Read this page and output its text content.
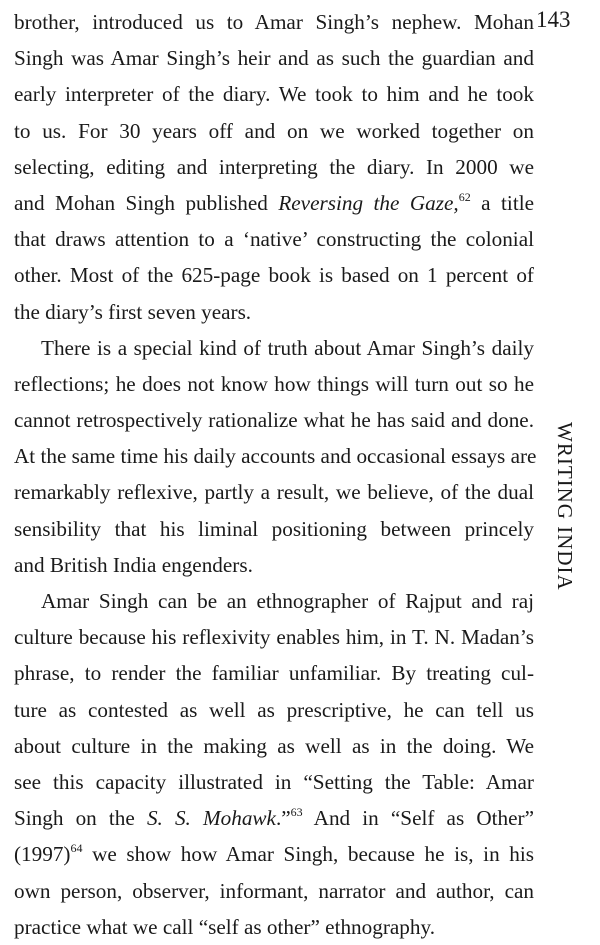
143
WRITING INDIA
brother, introduced us to Amar Singh’s nephew. Mohan
Singh was Amar Singh’s heir and as such the guardian and
early interpreter of the diary. We took to him and he took
to us. For 30 years off and on we worked together on
selecting, editing and interpreting the diary. In 2000 we
and Mohan Singh published Reversing the Gaze,$^{62}$ a title
that draws attention to a ‘native’ constructing the colonial
other. Most of the 625-page book is based on 1 percent of
the diary’s first seven years.
There is a special kind of truth about Amar Singh’s daily
reflections; he does not know how things will turn out so he
cannot retrospectively rationalize what he has said and done.
At the same time his daily accounts and occasional essays are
remarkably reflexive, partly a result, we believe, of the dual
sensibility that his liminal positioning between princely
and British India engenders.
Amar Singh can be an ethnographer of Rajput and raj
culture because his reflexivity enables him, in T. N. Madan’s
phrase, to render the familiar unfamiliar. By treating cul-
ture as contested as well as prescriptive, he can tell us
about culture in the making as well as in the doing. We
see this capacity illustrated in “Setting the Table: Amar
Singh on the S. S. Mohawk.”$^{63}$ And in “Self as Other”
$(1997)^{64}$ we show how Amar Singh, because he is, in his
own person, observer, informant, narrator and author, can
practice what we call “self as other” ethnography.
